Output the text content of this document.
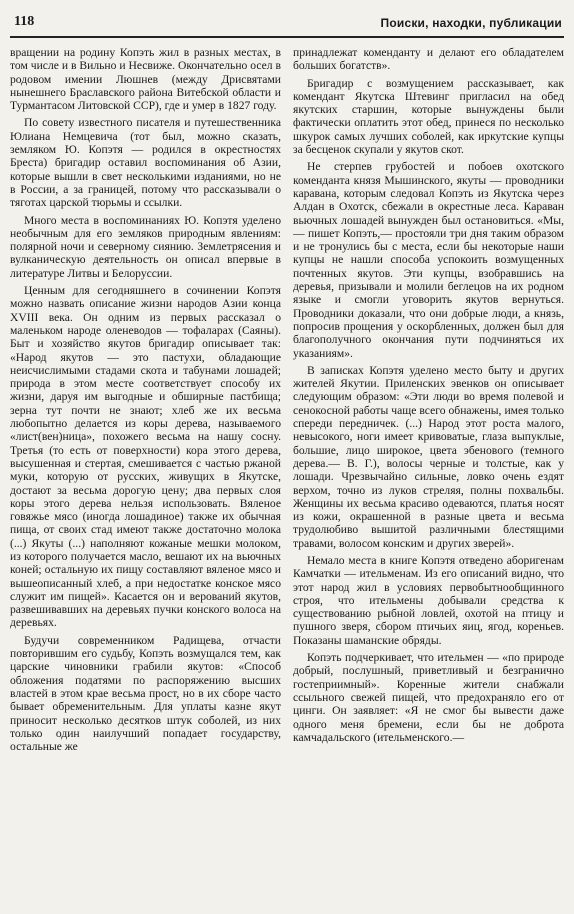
118	Поиски, находки, публикации

вращении на родину Копэть жил в разных местах, в том числе и в Вильно и Несвиже. Окончательно осел в родовом имении Люшнев (между Дрисвятами нынешнего Браславского района Витебской области и Турмантасом Литовской ССР), где и умер в 1827 году.

По совету известного писателя и путешественника Юлиана Немцевича (тот был, можно сказать, земляком Ю. Копэтя — родился в окрестностях Бреста) бригадир оставил воспоминания об Азии, которые вышли в свет несколькими изданиями, но не в России, а за границей, потому что рассказывали о тяготах царской тюрьмы и ссылки.

Много места в воспоминаниях Ю. Копэтя уделено необычным для его земляков природным явлениям: полярной ночи и северному сиянию. Землетрясения и вулканическую деятельность он описал впервые в литературе Литвы и Белоруссии.

Ценным для сегодняшнего в сочинении Копэтя можно назвать описание жизни народов Азии конца XVIII века. Он одним из первых рассказал о маленьком народе оленеводов — тофаларах (Саяны). Быт и хозяйство якутов бригадир описывает так: «Народ якутов — это пастухи, обладающие неисчислимыми стадами скота и табунами лошадей; природа в этом месте соответствует способу их жизни, даруя им выгодные и обширные пастбища; зерна тут почти не знают; хлеб же их весьма любопытно делается из коры дерева, называемого «лист(вен)ница», похожего весьма на нашу сосну. Третья (то есть от поверхности) кора этого дерева, высушенная и стертая, смешивается с частью ржаной муки, которую от русских, живущих в Якутске, достают за весьма дорогую цену; два первых слоя коры этого дерева нельзя использовать. Вяленое говяжье мясо (иногда лошадиное) также их обычная пища, от своих стад имеют также достаточно молока (...) Якуты (...) наполняют кожаные мешки молоком, из которого получается масло, вешают их на вьючных коней; остальную их пищу составляют вяленое мясо и вышеописанный хлеб, а при недостатке конское мясо служит им пищей». Касается он и верований якутов, развешивавших на деревьях пучки конского волоса на деревьях.

Будучи современником Радищева, отчасти повторившим его судьбу, Копэть возмущался тем, как царские чиновники грабили якутов: «Способ обложения податями по распоряжению высших властей в этом крае весьма прост, но в их сборе часто бывает обременительным. Для уплаты казне якут приносит несколько десятков штук соболей, из них только один наилучший попадает государству, остальные же

принадлежат коменданту и делают его обладателем больших богатств».

Бригадир с возмущением рассказывает, как комендант Якутска Штевинг пригласил на обед якутских старшин, которые вынуждены были фактически оплатить этот обед, принеся по несколько шкурок самых лучших соболей, как иркутские купцы за бесценок скупали у якутов скот.

Не стерпев грубостей и побоев охотского коменданта князя Мышинского, якуты — проводники каравана, которым следовал Копэть из Якутска через Алдан в Охотск, сбежали в окрестные леса. Караван вьючных лошадей вынужден был остановиться. «Мы,— пишет Копэть,— простояли три дня таким образом и не тронулись бы с места, если бы некоторые наши купцы не нашли способа успокоить возмущенных почтенных якутов. Эти купцы, взобравшись на деревья, призывали и молили беглецов на их родном языке и смогли уговорить якутов вернуться. Проводники доказали, что они добрые люди, а князь, попросив прощения у оскорбленных, должен был для благополучного окончания пути подчиняться их указаниям».

В записках Копэтя уделено место быту и других жителей Якутии. Приленских эвенков он описывает следующим образом: «Эти люди во время полевой и сенокосной работы чаще всего обнажены, имея только спереди передничек. (...) Народ этот роста малого, невысокого, ноги имеет кривоватые, глаза выпуклые, большие, лицо широкое, цвета эбенового (темного дерева.— В. Г.), волосы черные и толстые, как у лошади. Чрезвычайно сильные, ловко очень ездят верхом, точно из луков стреляя, полны похвальбы. Женщины их весьма красиво одеваются, платья носят из кожи, окрашенной в разные цвета и весьма трудолюбиво вышитой различными блестящими травами, волосом конским и других зверей».

Немало места в книге Копэтя отведено аборигенам Камчатки — ительменам. Из его описаний видно, что этот народ жил в условиях первобытнообщинного строя, что ительмены добывали средства к существованию рыбной ловлей, охотой на птицу и пушного зверя, сбором птичьих яиц, ягод, кореньев. Показаны шаманские обряды.

Копэть подчеркивает, что ительмен — «по природе добрый, послушный, приветливый и безгранично гостеприимный». Коренные жители снабжали ссыльного свежей пищей, что предохраняло его от цинги. Он заявляет: «Я не смог бы вывести даже одного меня бремени, если бы не доброта камчадальского (ительменского.—
